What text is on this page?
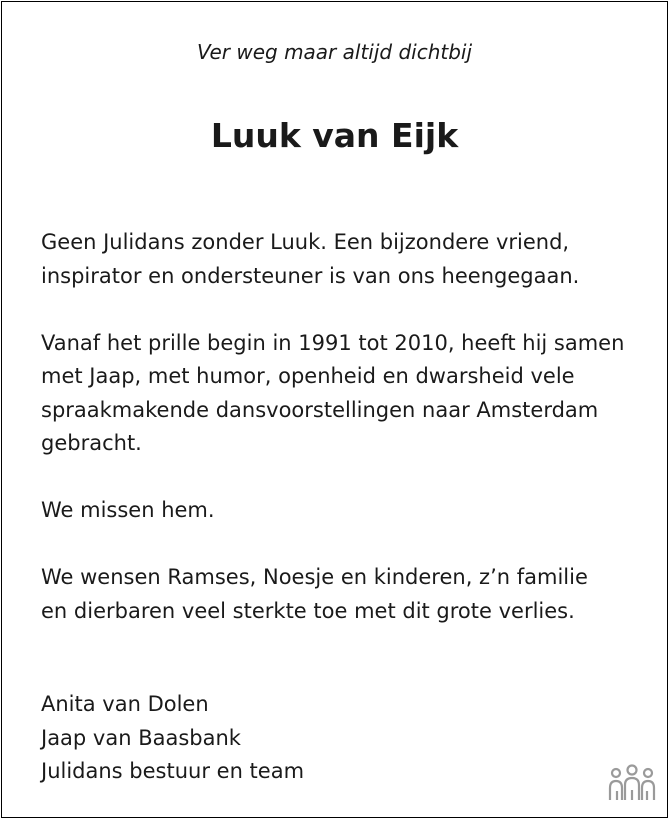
Ver weg maar altijd dichtbij
Luuk van Eijk

Geen Julidans zonder Luuk. Een bijzondere vriend,
inspirator en ondersteuner is van ons heengegaan.

Vanaf het prille begin in 1991 tot 2010, heeft hij samen
met Jaap, met humor, openheid en dwarsheid vele
spraakmakende dansvoorstellingen naar Amsterdam
gebracht.

We missen hem.

We wensen Ramses, Noesje en kinderen, z’n familie
en dierbaren veel sterkte toe met dit grote verlies.

Anita van Dolen
Jaap van Baasbank
Julidans bestuur en team
